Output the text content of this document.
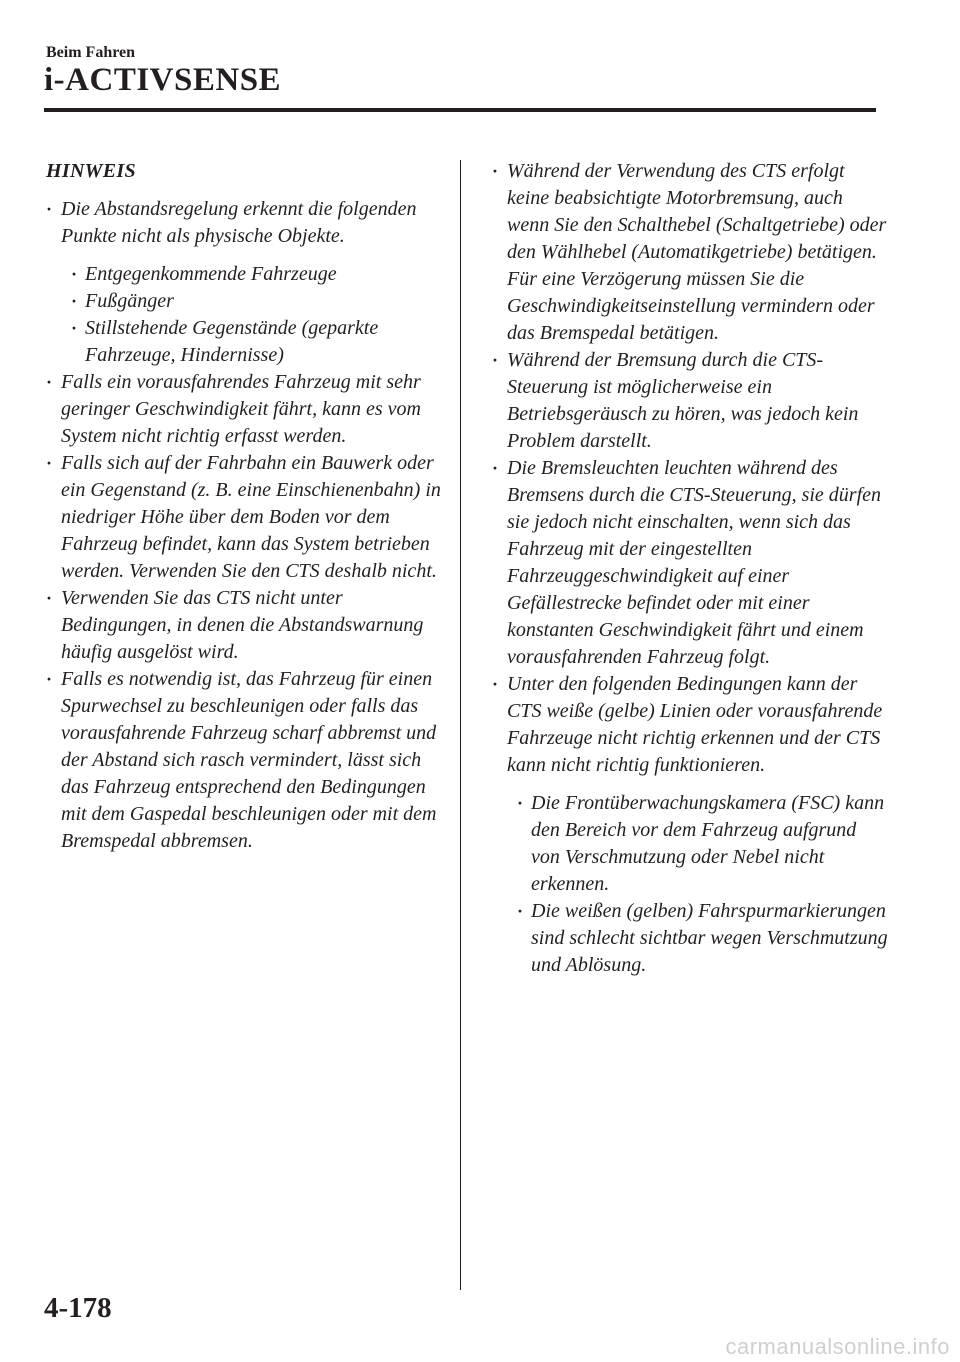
Beim Fahren
i-ACTIVSENSE
HINWEIS
· Die Abstandsregelung erkennt die folgenden Punkte nicht als physische Objekte.
· Entgegenkommende Fahrzeuge
· Fußgänger
· Stillstehende Gegenstände (geparkte Fahrzeuge, Hindernisse)
· Falls ein vorausfahrendes Fahrzeug mit sehr geringer Geschwindigkeit fährt, kann es vom System nicht richtig erfasst werden.
· Falls sich auf der Fahrbahn ein Bauwerk oder ein Gegenstand (z. B. eine Einschienenbahn) in niedriger Höhe über dem Boden vor dem Fahrzeug befindet, kann das System betrieben werden. Verwenden Sie den CTS deshalb nicht.
· Verwenden Sie das CTS nicht unter Bedingungen, in denen die Abstandswarnung häufig ausgelöst wird.
· Falls es notwendig ist, das Fahrzeug für einen Spurwechsel zu beschleunigen oder falls das vorausfahrende Fahrzeug scharf abbremst und der Abstand sich rasch vermindert, lässt sich das Fahrzeug entsprechend den Bedingungen mit dem Gaspedal beschleunigen oder mit dem Bremspedal abbremsen.
· Während der Verwendung des CTS erfolgt keine beabsichtigte Motorbremsung, auch wenn Sie den Schalthebel (Schaltgetriebe) oder den Wählhebel (Automatikgetriebe) betätigen. Für eine Verzögerung müssen Sie die Geschwindigkeitseinstellung vermindern oder das Bremspedal betätigen.
· Während der Bremsung durch die CTS-Steuerung ist möglicherweise ein Betriebsgeräusch zu hören, was jedoch kein Problem darstellt.
· Die Bremsleuchten leuchten während des Bremsens durch die CTS-Steuerung, sie dürfen sie jedoch nicht einschalten, wenn sich das Fahrzeug mit der eingestellten Fahrzeuggeschwindigkeit auf einer Gefällestrecke befindet oder mit einer konstanten Geschwindigkeit fährt und einem vorausfahrenden Fahrzeug folgt.
· Unter den folgenden Bedingungen kann der CTS weiße (gelbe) Linien oder vorausfahrende Fahrzeuge nicht richtig erkennen und der CTS kann nicht richtig funktionieren.
· Die Frontüberwachungskamera (FSC) kann den Bereich vor dem Fahrzeug aufgrund von Verschmutzung oder Nebel nicht erkennen.
· Die weißen (gelben) Fahrspurmarkierungen sind schlecht sichtbar wegen Verschmutzung und Ablösung.
4-178
carmanualsonline.info
